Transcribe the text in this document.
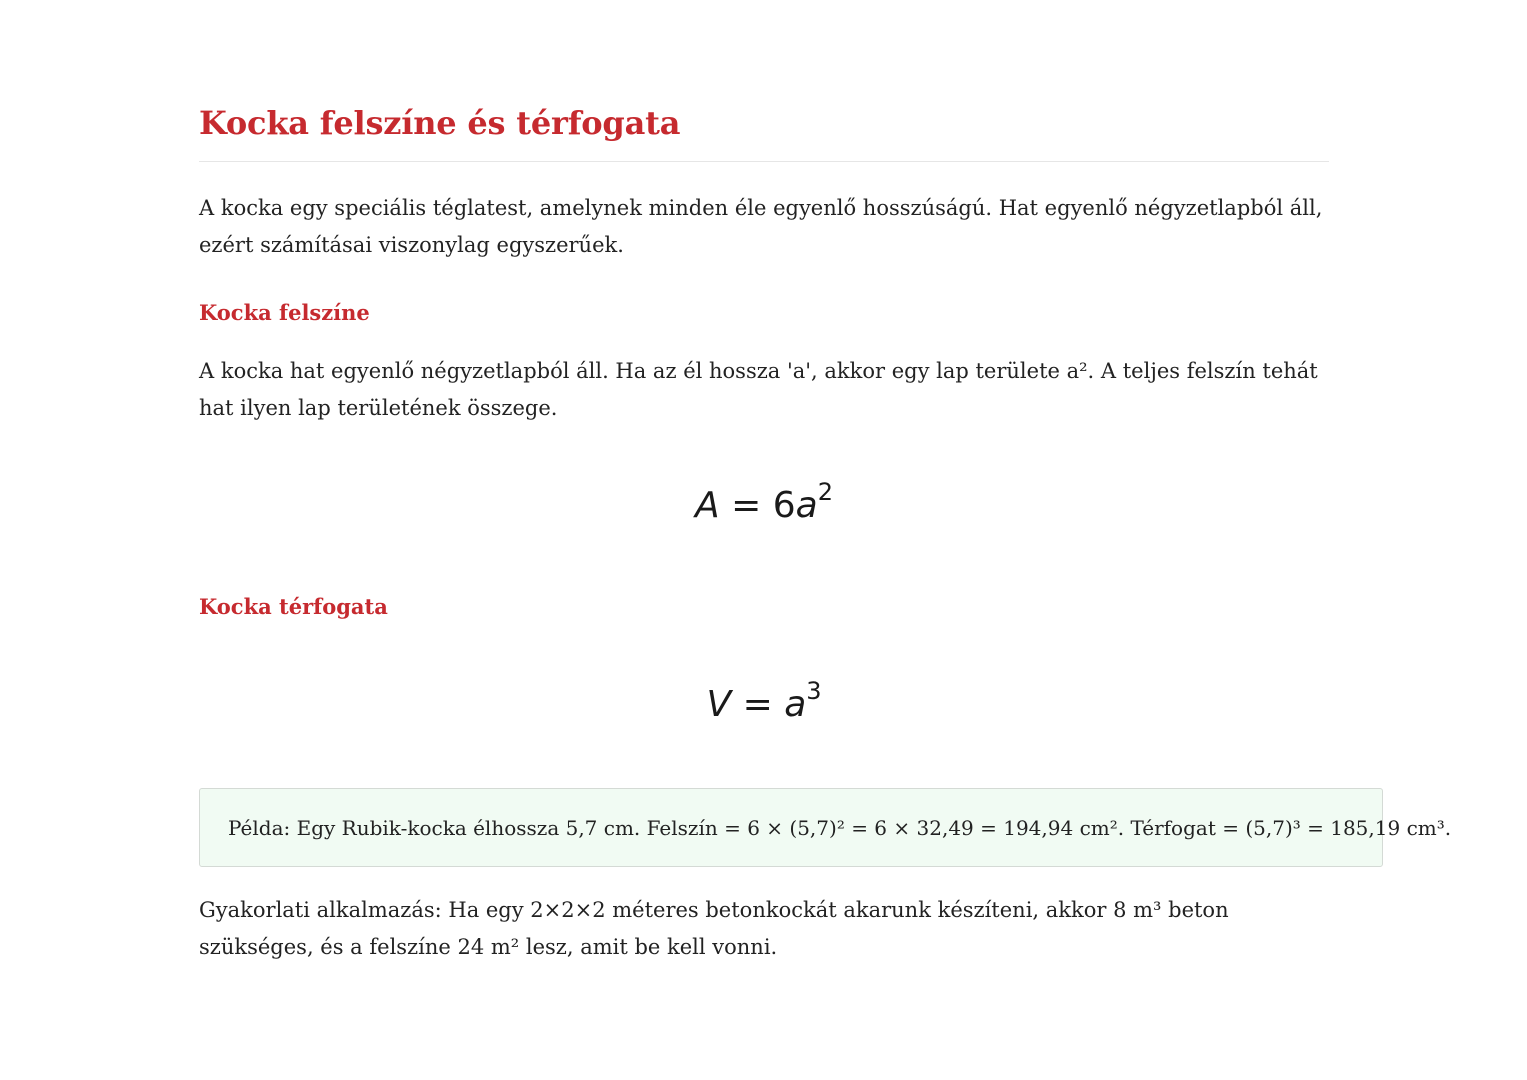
Kocka felszíne és térfogata

A kocka egy speciális téglatest, amelynek minden éle egyenlő hosszúságú. Hat egyenlő négyzetlapból áll, ezért számításai viszonylag egyszerűek.

Kocka felszíne

A kocka hat egyenlő négyzetlapból áll. Ha az él hossza 'a', akkor egy lap területe a². A teljes felszín tehát hat ilyen lap területének összege.

$A = 6a^2$
Kocka térfogata
$V = a^3$
Példa: Egy Rubik-kocka élhossza 5,7 cm. Felszín = 6 × (5,7)² = 6 × 32,49 = 194,94 cm². Térfogat = (5,7)³ = 185,19 cm³.

Gyakorlati alkalmazás: Ha egy 2×2×2 méteres betonkockát akarunk készíteni, akkor 8 m³ beton szükséges, és a felszíne 24 m² lesz, amit be kell vonni.
